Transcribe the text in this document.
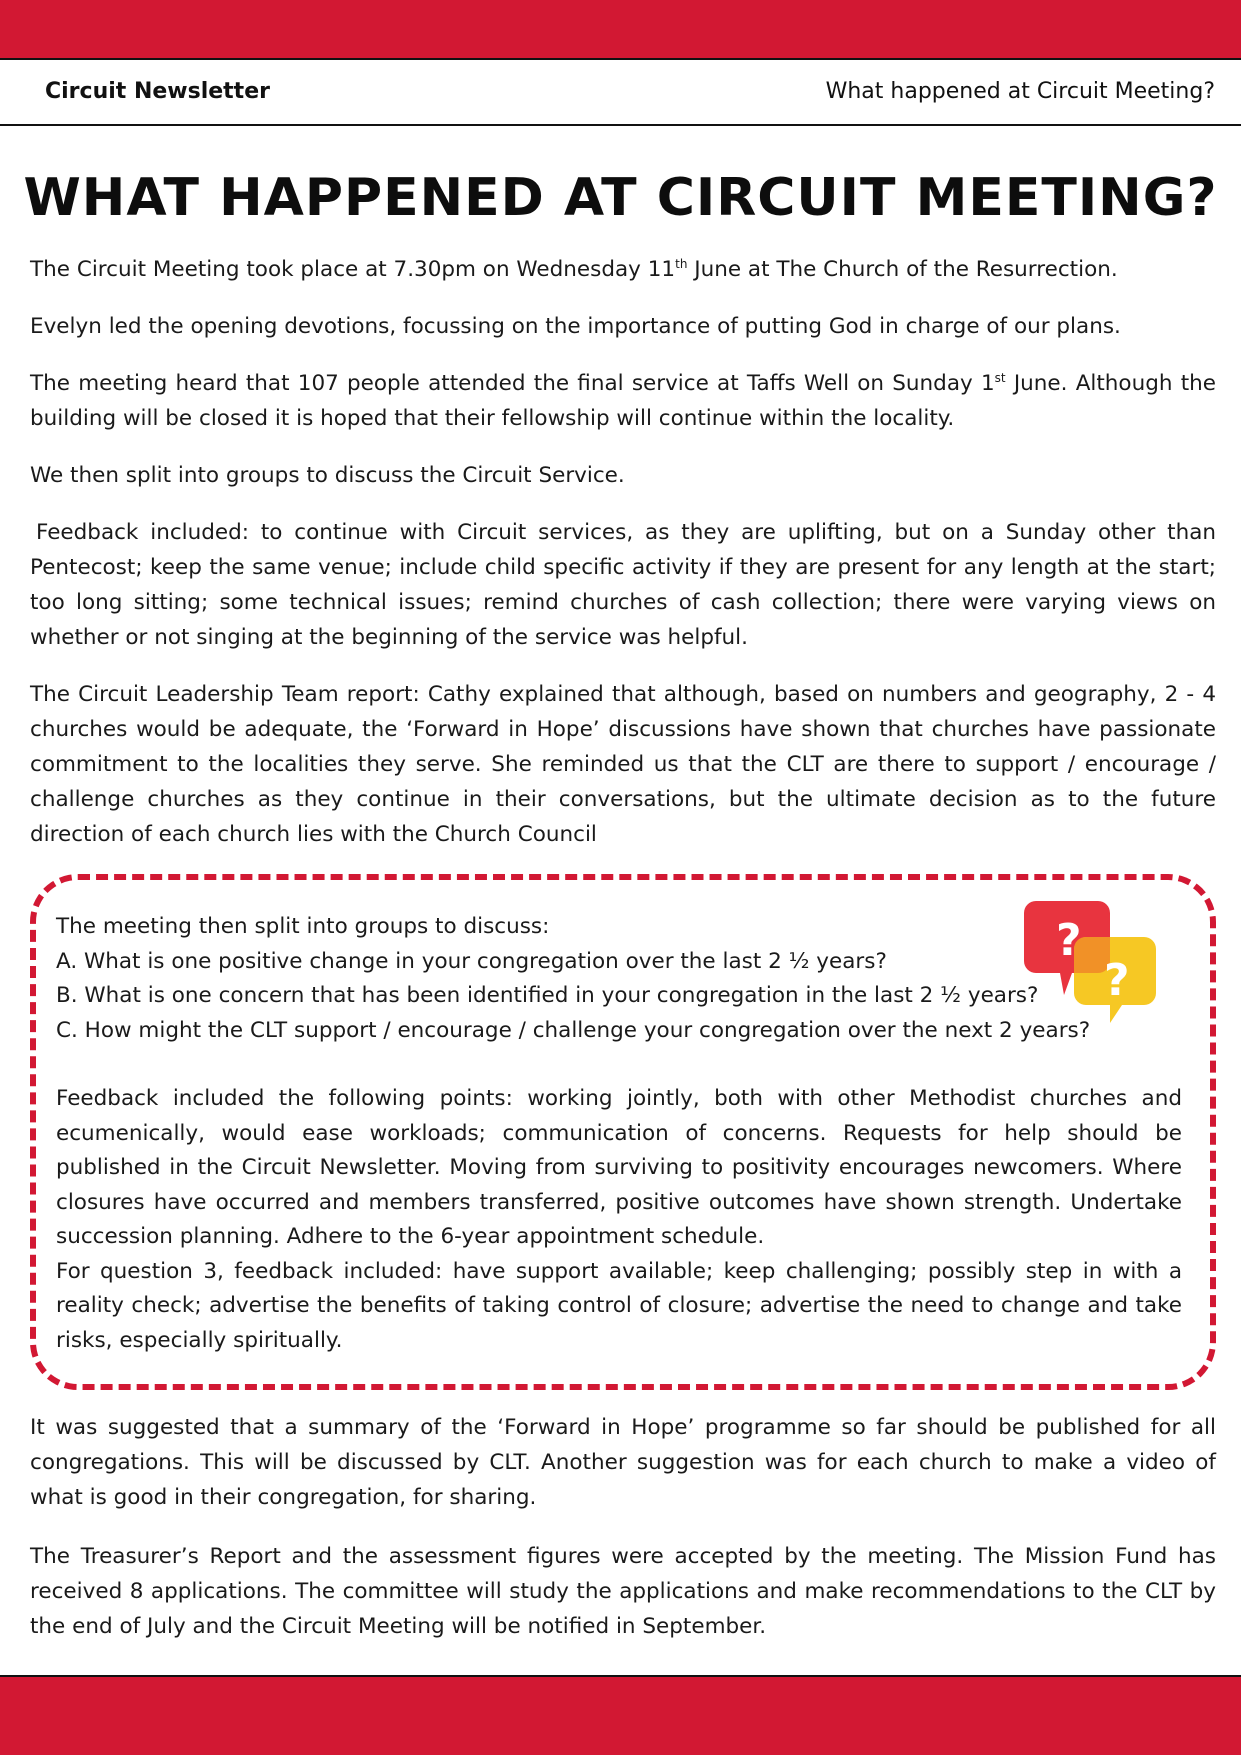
Circuit Newsletter	What happened at Circuit Meeting?
WHAT HAPPENED AT CIRCUIT MEETING?

The Circuit Meeting took place at 7.30pm on Wednesday 11th June at The Church of the Resurrection.

Evelyn led the opening devotions, focussing on the importance of putting God in charge of our plans.

The meeting heard that 107 people attended the final service at Taffs Well on Sunday 1st June. Although the building will be closed it is hoped that their fellowship will continue within the locality.

We then split into groups to discuss the Circuit Service.

Feedback included: to continue with Circuit services, as they are uplifting, but on a Sunday other than Pentecost; keep the same venue; include child specific activity if they are present for any length at the start; too long sitting; some technical issues; remind churches of cash collection; there were varying views on whether or not singing at the beginning of the service was helpful.

The Circuit Leadership Team report: Cathy explained that although, based on numbers and geography, 2 - 4 churches would be adequate, the ‘Forward in Hope’ discussions have shown that churches have passionate commitment to the localities they serve. She reminded us that the CLT are there to support / encourage / challenge churches as they continue in their conversations, but the ultimate decision as to the future direction of each church lies with the Church Council

The meeting then split into groups to discuss:
A. What is one positive change in your congregation over the last 2 ½ years?
B. What is one concern that has been identified in your congregation in the last 2 ½ years?
C. How might the CLT support / encourage / challenge your congregation over the next 2 years?
Feedback included the following points: working jointly, both with other Methodist churches and ecumenically, would ease workloads; communication of concerns. Requests for help should be published in the Circuit Newsletter. Moving from surviving to positivity encourages newcomers. Where closures have occurred and members transferred, positive outcomes have shown strength. Undertake succession planning. Adhere to the 6-year appointment schedule.
For question 3, feedback included: have support available; keep challenging; possibly step in with a reality check; advertise the benefits of taking control of closure; advertise the need to change and take risks, especially spiritually.
?
?

It was suggested that a summary of the ‘Forward in Hope’ programme so far should be published for all congregations. This will be discussed by CLT. Another suggestion was for each church to make a video of what is good in their congregation, for sharing.

The Treasurer’s Report and the assessment figures were accepted by the meeting. The Mission Fund has received 8 applications. The committee will study the applications and make recommendations to the CLT by the end of July and the Circuit Meeting will be notified in September.
